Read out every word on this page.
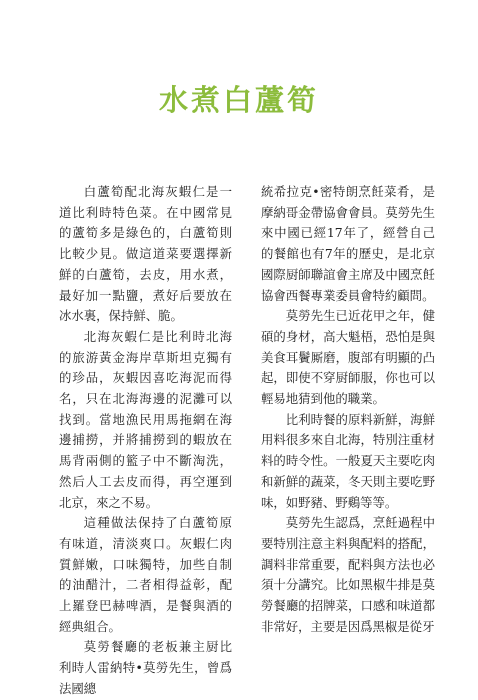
水煮白蘆筍

白蘆筍配北海灰蝦仁是一道比利時特色菜。在中國常見的蘆筍多是綠色的，白蘆筍則比較少見。做這道菜要選擇新鮮的白蘆筍，去皮，用水煮，最好加一點鹽，煮好后要放在冰水裏，保持鮮、脆。

北海灰蝦仁是比利時北海的旅游黃金海岸草斯坦克獨有的珍品，灰蝦因喜吃海泥而得名，只在北海海邊的泥灘可以找到。當地漁民用馬拖網在海邊捕撈，并將捕撈到的蝦放在馬背兩側的籃子中不斷淘洗，然后人工去皮而得，再空運到北京，來之不易。

這種做法保持了白蘆筍原有味道，清淡爽口。灰蝦仁肉質鮮嫩，口味獨特，加些自制的油醋汁，二者相得益彰，配上羅登巴赫啤酒，是餐與酒的經典組合。

莫勞餐廳的老板兼主厨比利時人雷納特•莫勞先生，曾爲法國總

統希拉克•密特朗烹飪菜肴，是摩納哥金帶協會會員。莫勞先生來中國已經17年了，經營自己的餐館也有7年的歷史，是北京國際厨師聯誼會主席及中國烹飪協會西餐專業委員會特約顧問。

莫勞先生已近花甲之年，健碩的身材，高大魁梧，恐怕是與美食耳鬢厮磨，腹部有明顯的凸起，即使不穿厨師服，你也可以輕易地猜到他的職業。

比利時餐的原料新鮮，海鮮用料很多來自北海，特別注重材料的時令性。一般夏天主要吃肉和新鮮的蔬菜，冬天則主要吃野味，如野豬、野鷄等等。

莫勞先生認爲，烹飪過程中要特別注意主料與配料的搭配，調料非常重要，配料與方法也必須十分講究。比如黑椒牛排是莫勞餐廳的招牌菜，口感和味道都非常好，主要是因爲黑椒是從牙
